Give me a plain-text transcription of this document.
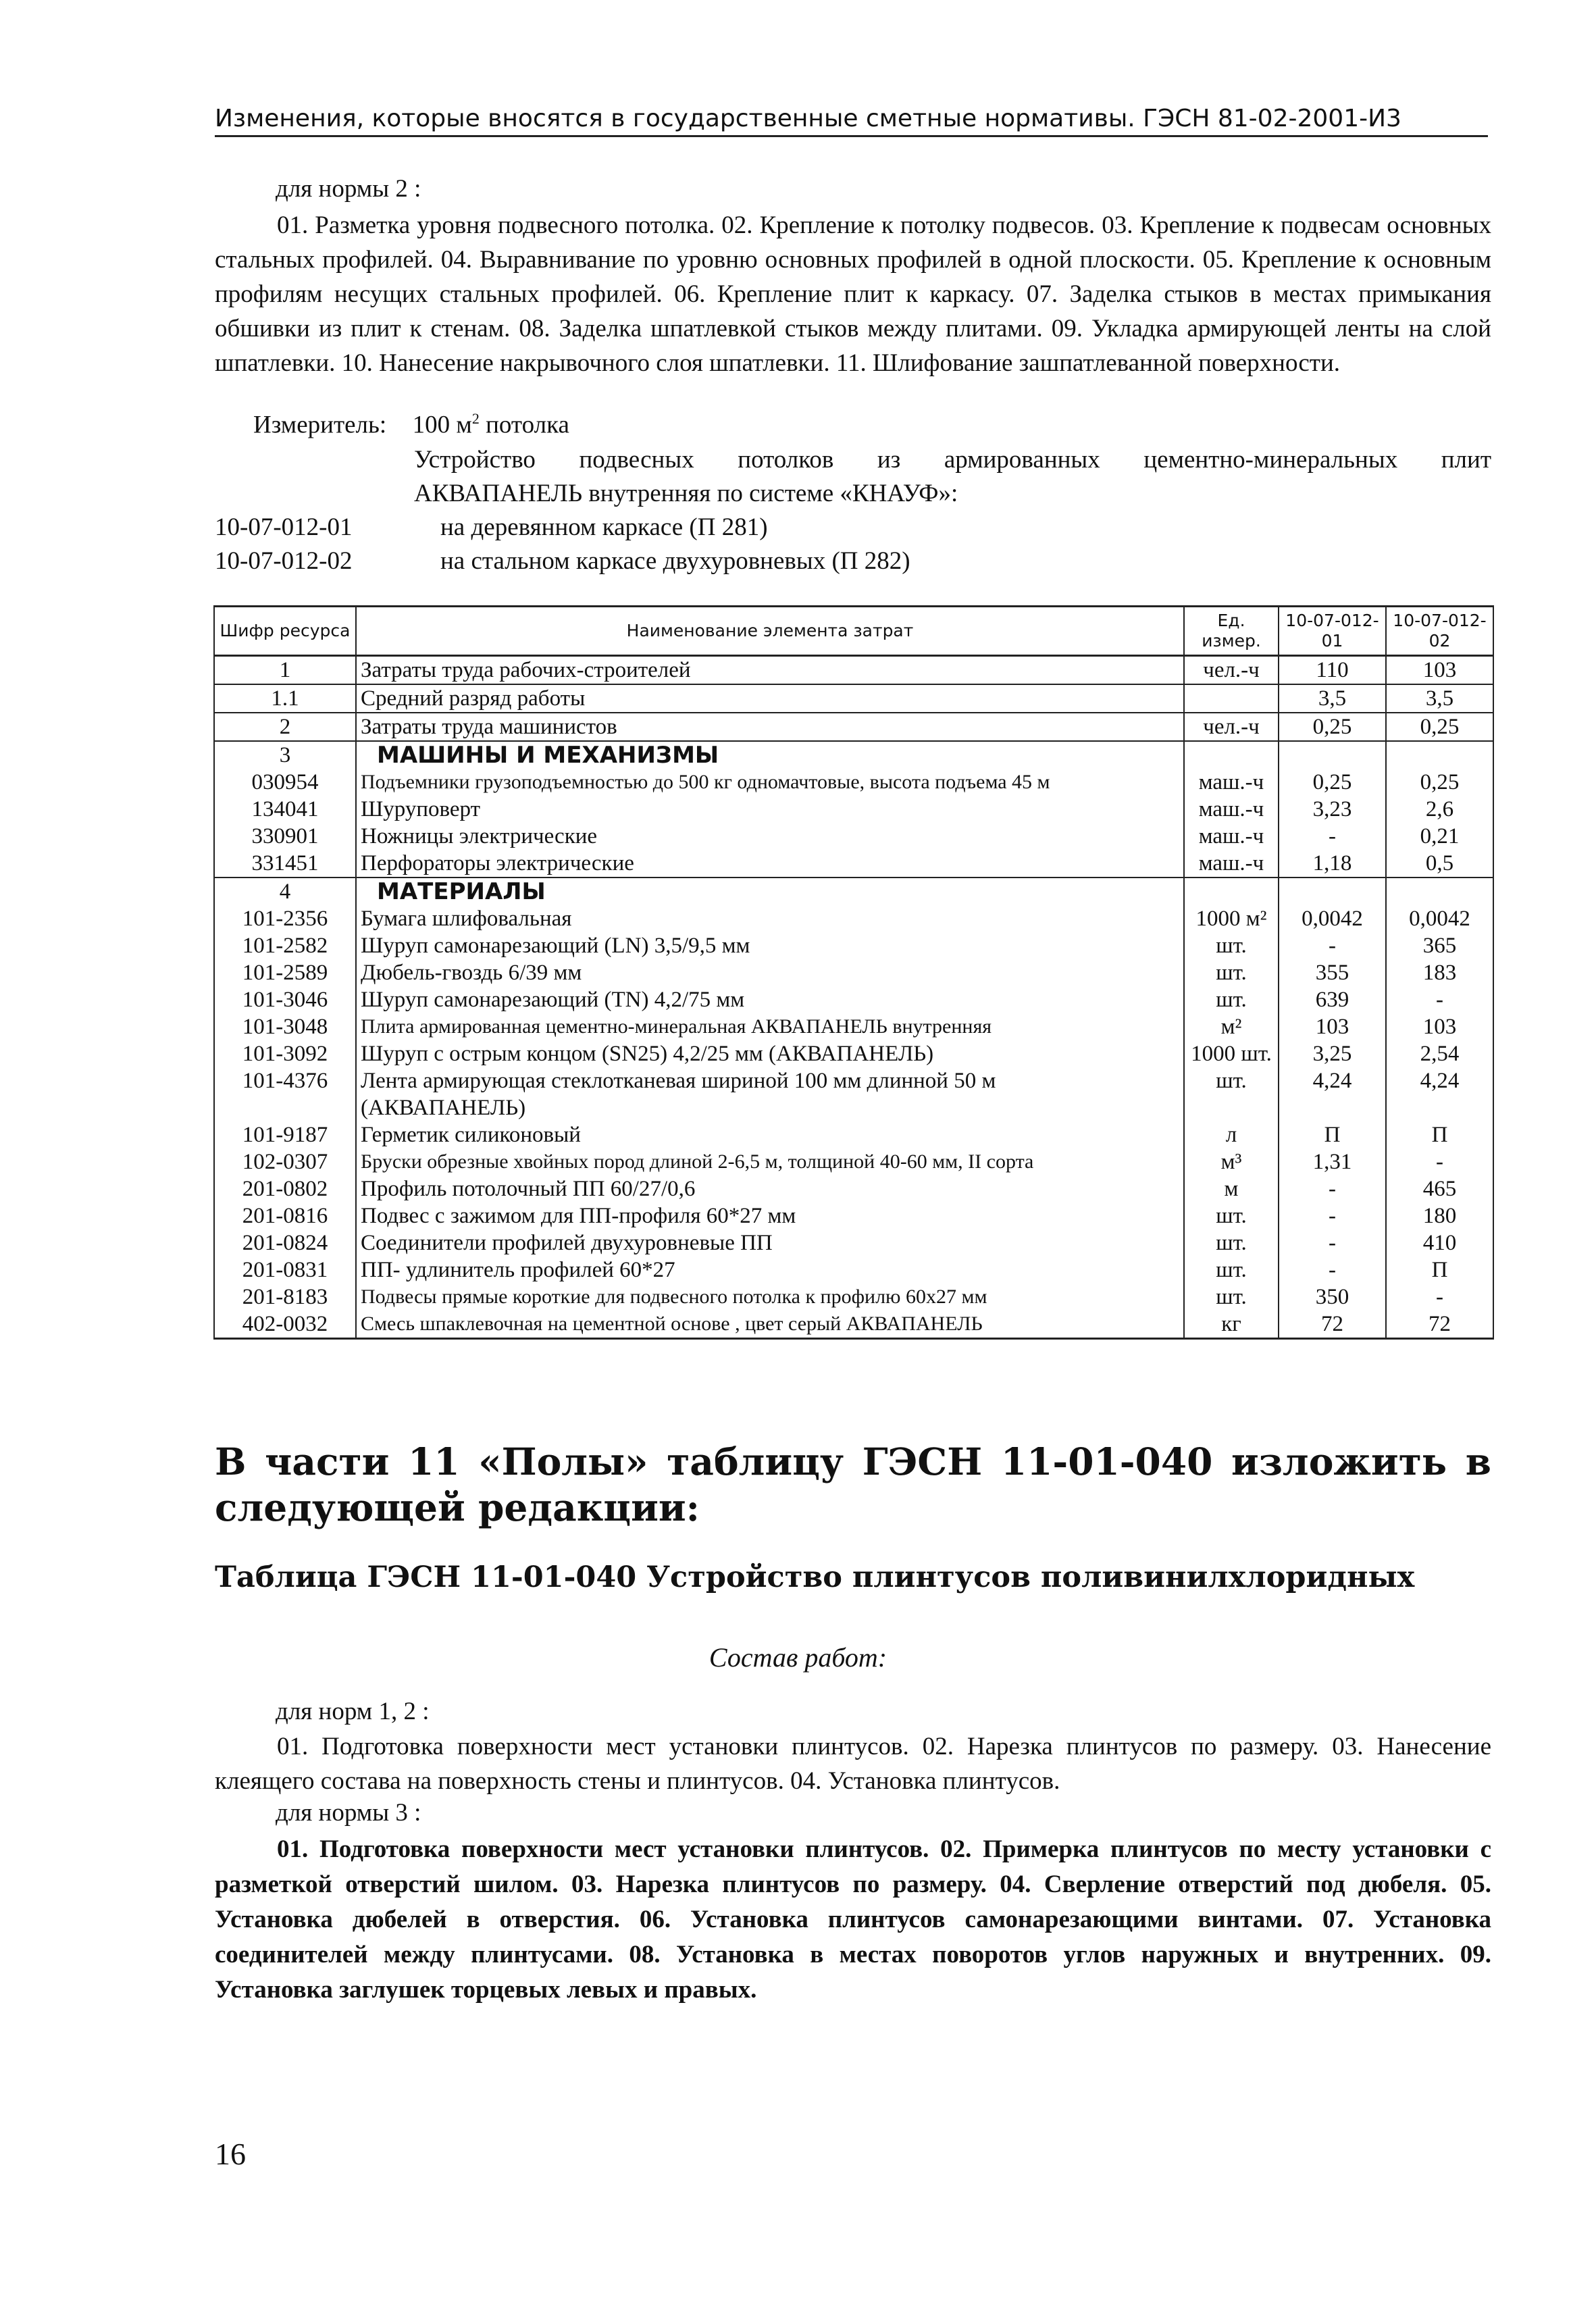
Изменения, которые вносятся в государственные сметные нормативы. ГЭСН 81-02-2001-И3
для нормы 2 :
01. Разметка уровня подвесного потолка. 02. Крепление к потолку подвесов. 03. Крепление к подвесам основных стальных профилей. 04. Выравнивание по уровню основных профилей в одной плоскости. 05. Крепление к основным профилям несущих стальных профилей. 06. Крепление плит к каркасу. 07. Заделка стыков в местах примыкания обшивки из плит к стенам. 08. Заделка шпатлевкой стыков между плитами. 09. Укладка армирующей ленты на слой шпатлевки. 10. Нанесение накрывочного слоя шпатлевки. 11. Шлифование зашпатлеванной поверхности.
Измеритель: 100 $м^2$ потолка
Устройство подвесных потолков из армированных цементно-минеральных плит
АКВАПАНЕЛЬ внутренняя по системе «КНАУФ»:
10-07-012-01	на деревянном каркасе (П 281)
10-07-012-02	на стальном каркасе двухуровневых (П 282)
Шифр ресурса	Наименование элемента затрат	Ед. измер.	10-07-012-01	10-07-012-02
1	Затраты труда рабочих-строителей	чел.-ч	110	103
1.1	Средний разряд работы		3,5	3,5
2	Затраты труда машинистов	чел.-ч	0,25	0,25
3	МАШИНЫ И МЕХАНИЗМЫ			
030954	Подъемники грузоподъемностью до 500 кг одномачтовые, высота подъема 45 м	маш.-ч	0,25	0,25
134041	Шуруповерт	маш.-ч	3,23	2,6
330901	Ножницы электрические	маш.-ч	-	0,21
331451	Перфораторы электрические	маш.-ч	1,18	0,5
4	МАТЕРИАЛЫ			
101-2356	Бумага шлифовальная	1000 м²	0,0042	0,0042
101-2582	Шуруп самонарезающий (LN) 3,5/9,5 мм	шт.	-	365
101-2589	Дюбель-гвоздь 6/39 мм	шт.	355	183
101-3046	Шуруп самонарезающий (TN) 4,2/75 мм	шт.	639	-
101-3048	Плита армированная цементно-минеральная АКВАПАНЕЛЬ внутренняя	м²	103	103
101-3092	Шуруп с острым концом (SN25) 4,2/25 мм (АКВАПАНЕЛЬ)	1000 шт.	3,25	2,54
101-4376	Лента армирующая стеклотканевая шириной 100 мм длинной 50 м	шт.	4,24	4,24
	(АКВАПАНЕЛЬ)			
101-9187	Герметик силиконовый	л	П	П
102-0307	Бруски обрезные хвойных пород длиной 2-6,5 м, толщиной 40-60 мм, II сорта	м³	1,31	-
201-0802	Профиль потолочный ПП 60/27/0,6	м	-	465
201-0816	Подвес с зажимом для ПП-профиля 60*27 мм	шт.	-	180
201-0824	Соединители профилей двухуровневые ПП	шт.	-	410
201-0831	ПП- удлинитель профилей 60*27	шт.	-	П
201-8183	Подвесы прямые короткие для подвесного потолка к профилю 60х27 мм	шт.	350	-
402-0032	Смесь шпаклевочная на цементной основе , цвет серый АКВАПАНЕЛЬ	кг	72	72
В части 11 «Полы» таблицу ГЭСН 11-01-040 изложить в следующей редакции:
Таблица ГЭСН 11-01-040 Устройство плинтусов поливинилхлоридных
Состав работ:
для норм 1, 2 :
01. Подготовка поверхности мест установки плинтусов. 02. Нарезка плинтусов по размеру. 03. Нанесение клеящего состава на поверхность стены и плинтусов. 04. Установка плинтусов.
для нормы 3 :
01. Подготовка поверхности мест установки плинтусов. 02. Примерка плинтусов по месту установки с разметкой отверстий шилом. 03. Нарезка плинтусов по размеру. 04. Сверление отверстий под дюбеля. 05. Установка дюбелей в отверстия. 06. Установка плинтусов самонарезающими винтами. 07. Установка соединителей между плинтусами. 08. Установка в местах поворотов углов наружных и внутренних. 09. Установка заглушек торцевых левых и правых.
16
